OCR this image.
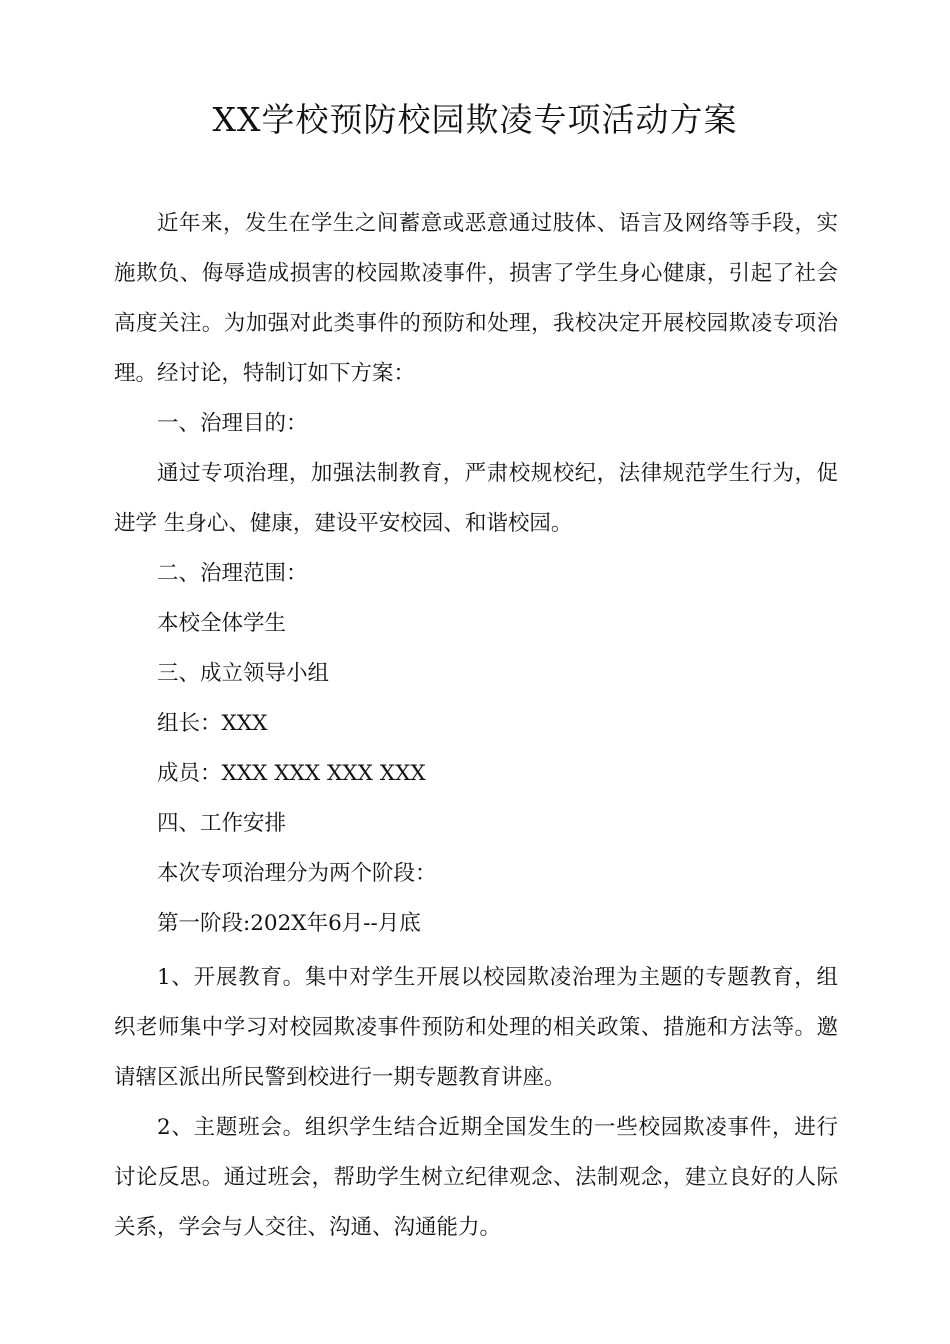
XX学校预防校园欺凌专项活动方案

近年来，发生在学生之间蓄意或恶意通过肢体、语言及网络等手段，实施欺负、侮辱造成损害的校园欺凌事件，损害了学生身心健康，引起了社会高度关注。为加强对此类事件的预防和处理，我校决定开展校园欺凌专项治理。经讨论，特制订如下方案：

一、治理目的：

通过专项治理，加强法制教育，严肃校规校纪，法律规范学生行为，促进学 生身心、健康，建设平安校园、和谐校园。

二、治理范围：

本校全体学生

三、成立领导小组

组长：XXX

成员：XXX XXX XXX XXX

四、工作安排

本次专项治理分为两个阶段：

第一阶段:202X年6月--月底

1、开展教育。集中对学生开展以校园欺凌治理为主题的专题教育，组 织老师集中学习对校园欺凌事件预防和处理的相关政策、措施和方法等。邀 请辖区派出所民警到校进行一期专题教育讲座。

2、主题班会。组织学生结合近期全国发生的一些校园欺凌事件，进行 讨论反思。通过班会，帮助学生树立纪律观念、法制观念，建立良好的人际 关系，学会与人交往、沟通、沟通能力。
